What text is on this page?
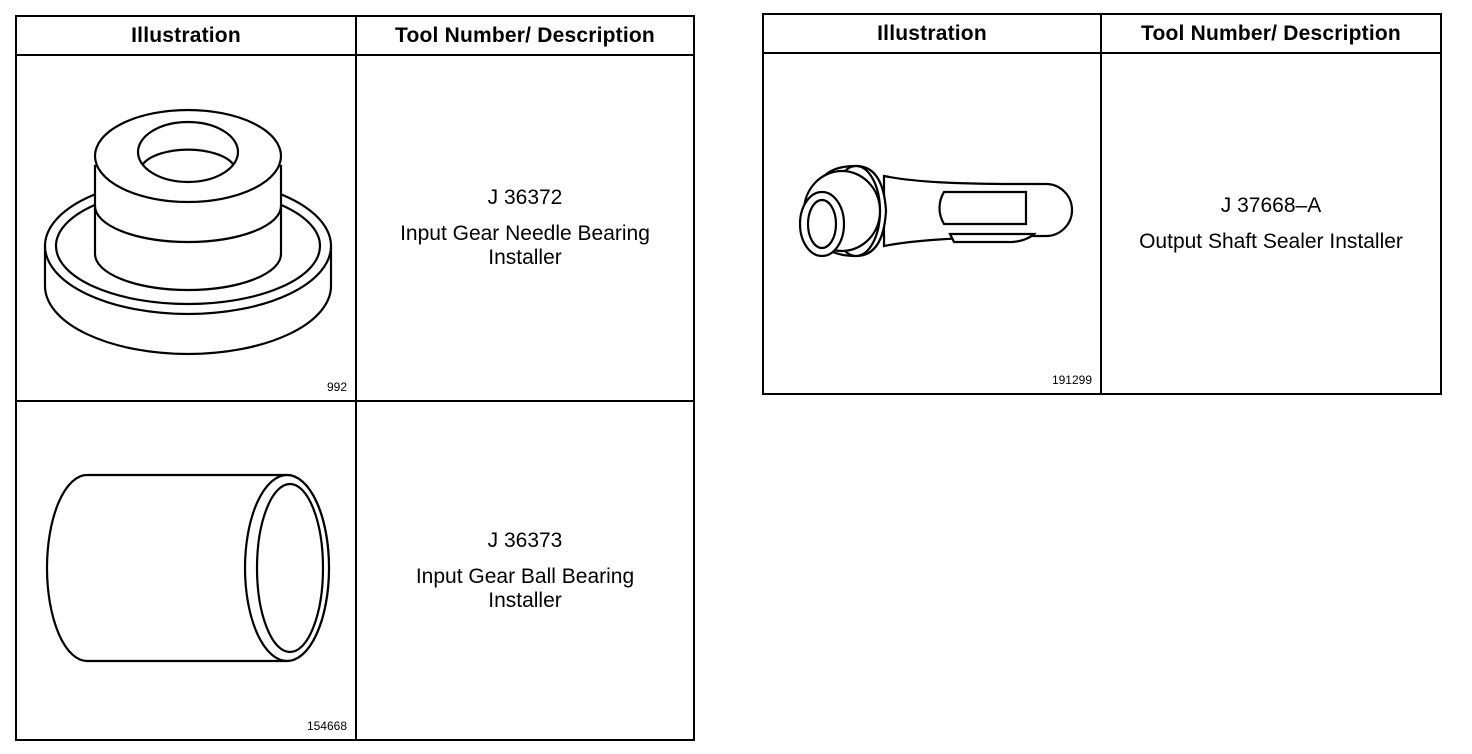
Illustration	Tool Number/ Description
992
J 36372
Input Gear Needle Bearing
Installer
154668
J 36373
Input Gear Ball Bearing
Installer
Illustration	Tool Number/ Description
191299
J 37668–A
Output Shaft Sealer Installer
